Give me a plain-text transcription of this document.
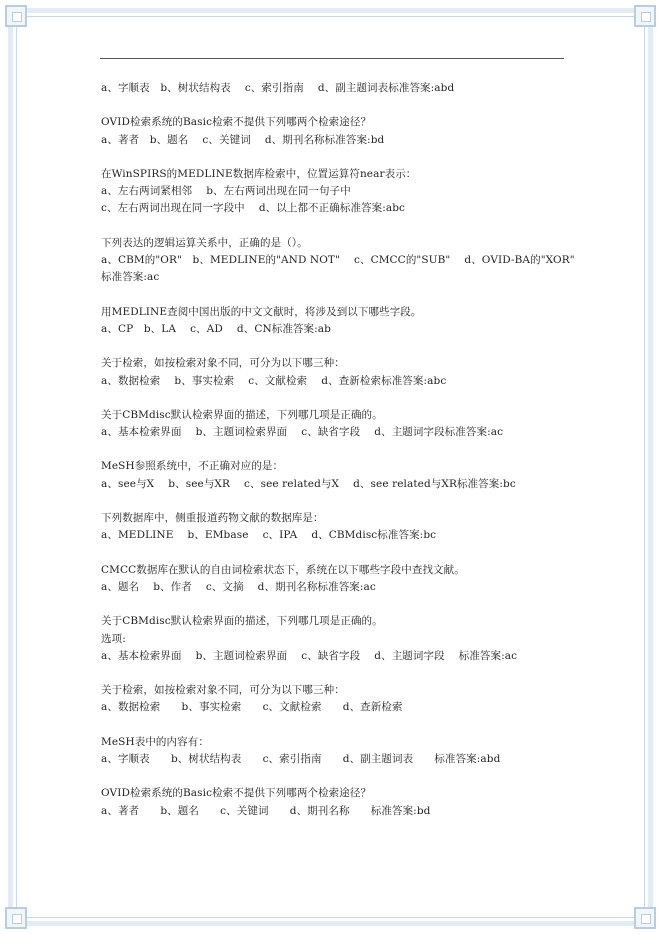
a、字顺表　b、树状结构表　 c、索引指南　 d、副主题词表标准答案:abd
OVID检索系统的Basic检索不提供下列哪两个检索途径？
a、著者　b、题名　 c、关键词　 d、期刊名称标准答案:bd
在WinSPIRS的MEDLINE数据库检索中，位置运算符near表示：
a、左右两词紧相邻　 b、左右两词出现在同一句子中
c、左右两词出现在同一字段中　 d、以上都不正确标准答案:abc
下列表达的逻辑运算关系中，正确的是（）。
a、CBM的"OR"　b、MEDLINE的"AND NOT"　 c、CMCC的"SUB"　 d、OVID-BA的"XOR"
标准答案:ac
用MEDLINE查阅中国出版的中文文献时，将涉及到以下哪些字段。
a、CP　b、LA　 c、AD　 d、CN标准答案:ab
关于检索，如按检索对象不同，可分为以下哪三种：
a、数据检索　 b、事实检索　 c、文献检索　 d、查新检索标准答案:abc
关于CBMdisc默认检索界面的描述，下列哪几项是正确的。
a、基本检索界面　 b、主题词检索界面　 c、缺省字段　 d、主题词字段标准答案:ac
MeSH参照系统中，不正确对应的是：
a、see与X　 b、see与XR　 c、see related与X　 d、see related与XR标准答案:bc
下列数据库中，侧重报道药物文献的数据库是：
a、MEDLINE　 b、EMbase　 c、IPA　 d、CBMdisc标准答案:bc
CMCC数据库在默认的自由词检索状态下，系统在以下哪些字段中查找文献。
a、题名　 b、作者　 c、文摘　 d、期刊名称标准答案:ac
关于CBMdisc默认检索界面的描述，下列哪几项是正确的。
选项:
a、基本检索界面　 b、主题词检索界面　 c、缺省字段　 d、主题词字段　 标准答案:ac
关于检索，如按检索对象不同，可分为以下哪三种：
a、数据检索　　b、事实检索　　c、文献检索　　d、查新检索
MeSH表中的内容有：
a、字顺表　　b、树状结构表　　c、索引指南　　d、副主题词表　　标准答案:abd
OVID检索系统的Basic检索不提供下列哪两个检索途径？
a、著者　　b、题名　　c、关键词　　d、期刊名称　　标准答案:bd
